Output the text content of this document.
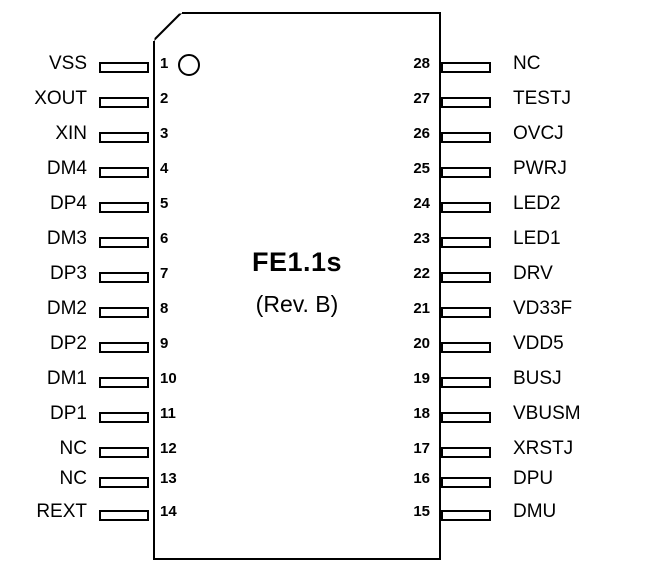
FE1.1s
(Rev. B)
1
VSS
2
XOUT
3
XIN
4
DM4
5
DP4
6
DM3
7
DP3
8
DM2
9
DP2
10
DM1
11
DP1
12
NC
13
NC
14
REXT
28	NC
27	TESTJ
26	OVCJ
25	PWRJ
24	LED2
23	LED1
22	DRV
21	VD33F
20	VDD5
19	BUSJ
18	VBUSM
17	XRSTJ
16	DPU
15	DMU
